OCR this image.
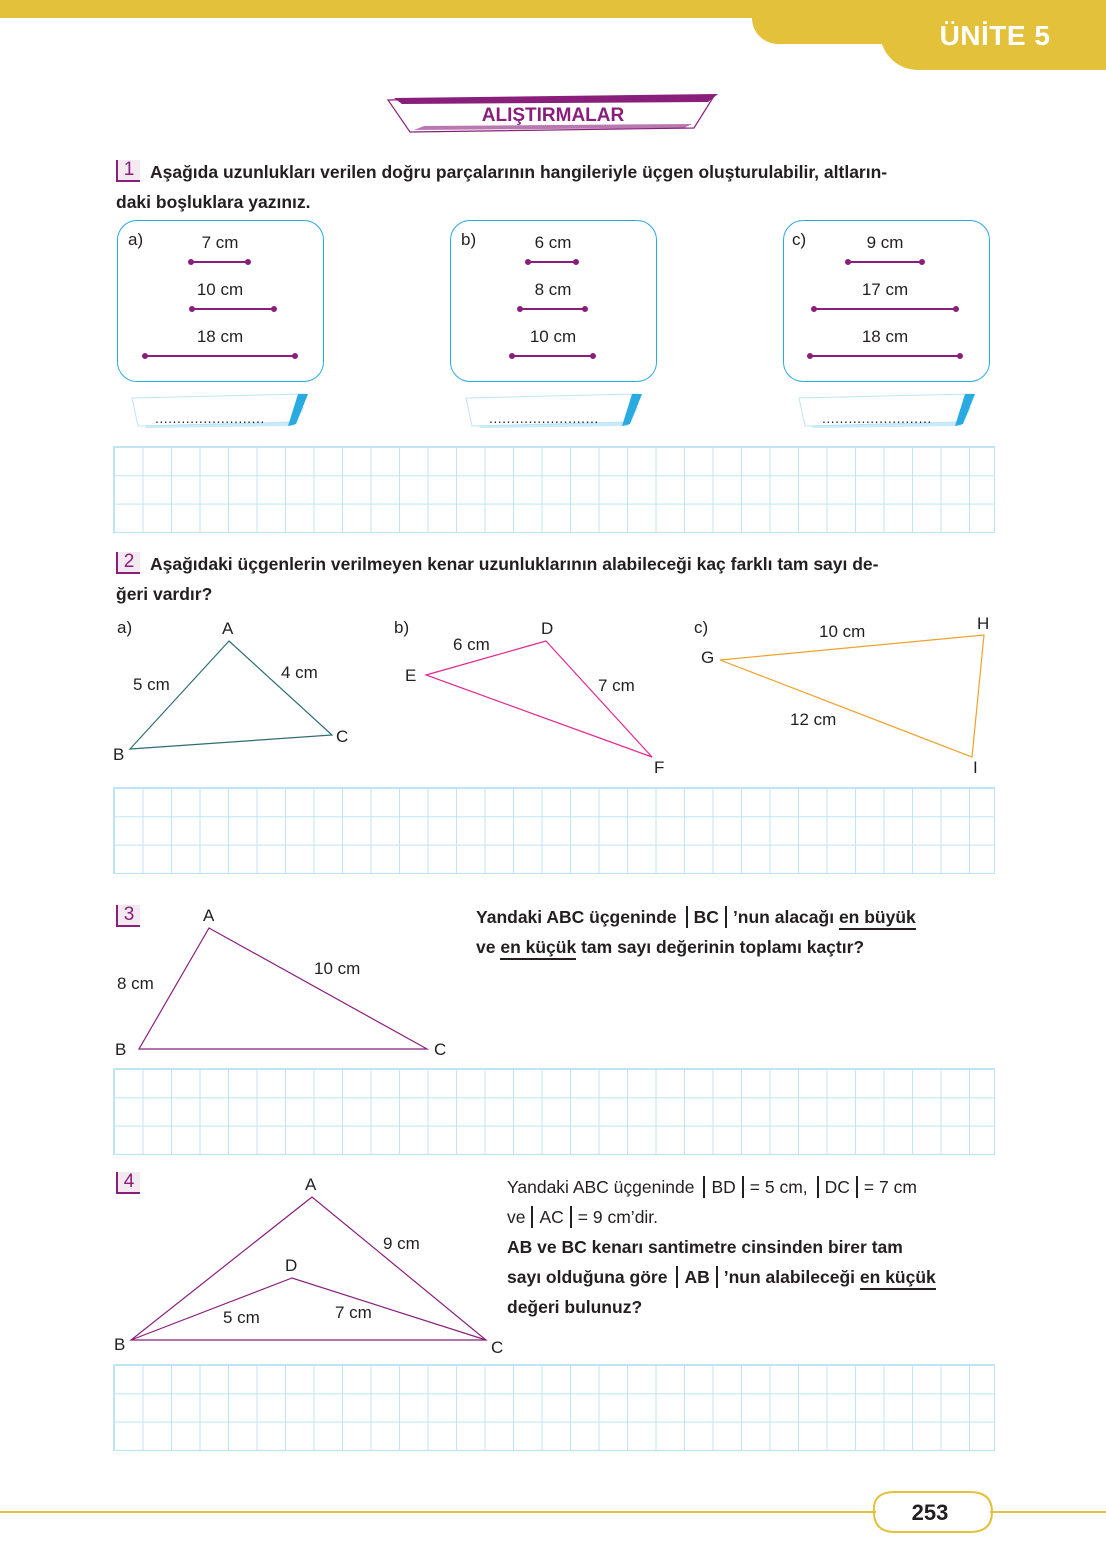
ÜNİTE 5
ALIŞTIRMALAR
1 Aşağıda uzunlukları verilen doğru parçalarının hangileriyle üçgen oluşturulabilir, altların-
daki boşluklara yazınız.
a)	7 cm
10 cm
18 cm
b)	6 cm
8 cm
10 cm
c)	9 cm
17 cm
18 cm
.........................	.........................	.........................
2 Aşağıdaki üçgenlerin verilmeyen kenar uzunluklarının alabileceği kaç farklı tam sayı de-
ğeri vardır?
a)	A
B
C
5 cm
4 cm
b)	D
E
F
6 cm
7 cm
c)
G
H
I
10 cm
12 cm
3	A
B	C
8 cm
10 cm
Yandaki ABC üçgeninde BC ’nun alacağı en büyük
ve en küçük tam sayı değerinin toplamı kaçtır?
4	A
B	C
D
9 cm
5 cm	7 cm
Yandaki ABC üçgeninde BD = 5 cm, DC = 7 cm
ve AC = 9 cm’dir.
AB ve BC kenarı santimetre cinsinden birer tam
sayı olduğuna göre AB ’nun alabileceği en küçük
değeri bulunuz?
253
